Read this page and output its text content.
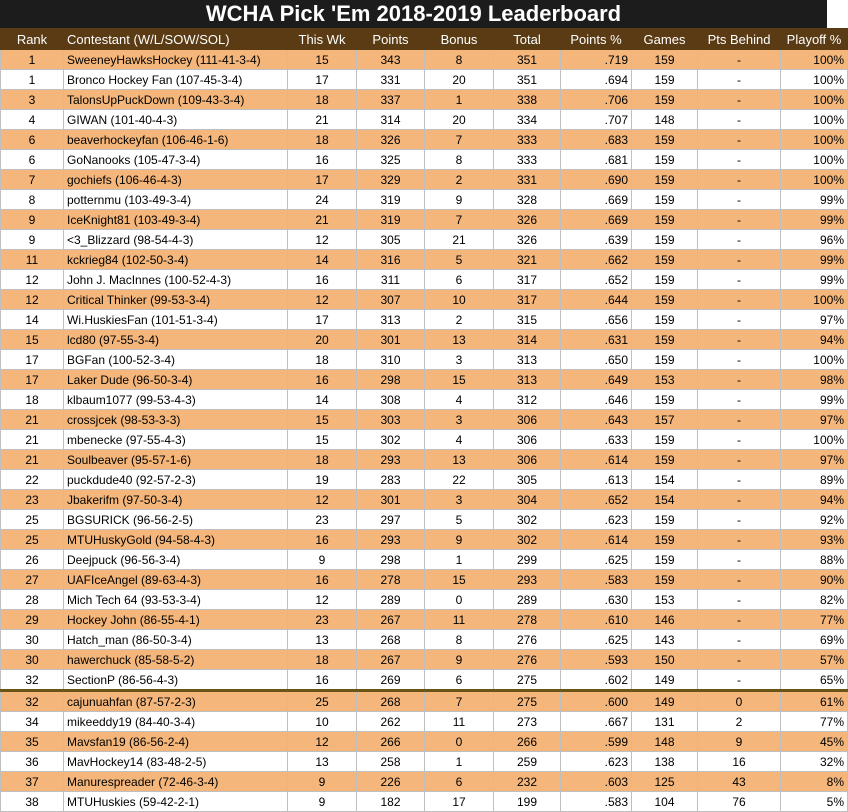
WCHA Pick 'Em 2018-2019 Leaderboard
Rank	Contestant (W/L/SOW/SOL)	This Wk	Points	Bonus	Total	Points %	Games	Pts Behind	Playoff %
1	SweeneyHawksHockey (111-41-3-4)	15	343	8	351	.719	159	-	100%
1	Bronco Hockey Fan (107-45-3-4)	17	331	20	351	.694	159	-	100%
3	TalonsUpPuckDown (109-43-3-4)	18	337	1	338	.706	159	-	100%
4	GIWAN (101-40-4-3)	21	314	20	334	.707	148	-	100%
6	beaverhockeyfan (106-46-1-6)	18	326	7	333	.683	159	-	100%
6	GoNanooks (105-47-3-4)	16	325	8	333	.681	159	-	100%
7	gochiefs (106-46-4-3)	17	329	2	331	.690	159	-	100%
8	potternmu (103-49-3-4)	24	319	9	328	.669	159	-	99%
9	IceKnight81 (103-49-3-4)	21	319	7	326	.669	159	-	99%
9	<3_Blizzard (98-54-4-3)	12	305	21	326	.639	159	-	96%
11	kckrieg84 (102-50-3-4)	14	316	5	321	.662	159	-	99%
12	John J. MacInnes (100-52-4-3)	16	311	6	317	.652	159	-	99%
12	Critical Thinker (99-53-3-4)	12	307	10	317	.644	159	-	100%
14	Wi.HuskiesFan (101-51-3-4)	17	313	2	315	.656	159	-	97%
15	lcd80 (97-55-3-4)	20	301	13	314	.631	159	-	94%
17	BGFan (100-52-3-4)	18	310	3	313	.650	159	-	100%
17	Laker Dude (96-50-3-4)	16	298	15	313	.649	153	-	98%
18	klbaum1077 (99-53-4-3)	14	308	4	312	.646	159	-	99%
21	crossjcek (98-53-3-3)	15	303	3	306	.643	157	-	97%
21	mbenecke (97-55-4-3)	15	302	4	306	.633	159	-	100%
21	Soulbeaver (95-57-1-6)	18	293	13	306	.614	159	-	97%
22	puckdude40 (92-57-2-3)	19	283	22	305	.613	154	-	89%
23	Jbakerifm (97-50-3-4)	12	301	3	304	.652	154	-	94%
25	BGSURICK (96-56-2-5)	23	297	5	302	.623	159	-	92%
25	MTUHuskyGold (94-58-4-3)	16	293	9	302	.614	159	-	93%
26	Deejpuck (96-56-3-4)	9	298	1	299	.625	159	-	88%
27	UAFIceAngel (89-63-4-3)	16	278	15	293	.583	159	-	90%
28	Mich Tech 64 (93-53-3-4)	12	289	0	289	.630	153	-	82%
29	Hockey John (86-55-4-1)	23	267	11	278	.610	146	-	77%
30	Hatch_man (86-50-3-4)	13	268	8	276	.625	143	-	69%
30	hawerchuck (85-58-5-2)	18	267	9	276	.593	150	-	57%
32	SectionP (86-56-4-3)	16	269	6	275	.602	149	-	65%
32	cajunuahfan (87-57-2-3)	25	268	7	275	.600	149	0	61%
34	mikeeddy19 (84-40-3-4)	10	262	11	273	.667	131	2	77%
35	Mavsfan19 (86-56-2-4)	12	266	0	266	.599	148	9	45%
36	MavHockey14 (83-48-2-5)	13	258	1	259	.623	138	16	32%
37	Manurespreader (72-46-3-4)	9	226	6	232	.603	125	43	8%
38	MTUHuskies (59-42-2-1)	9	182	17	199	.583	104	76	5%
